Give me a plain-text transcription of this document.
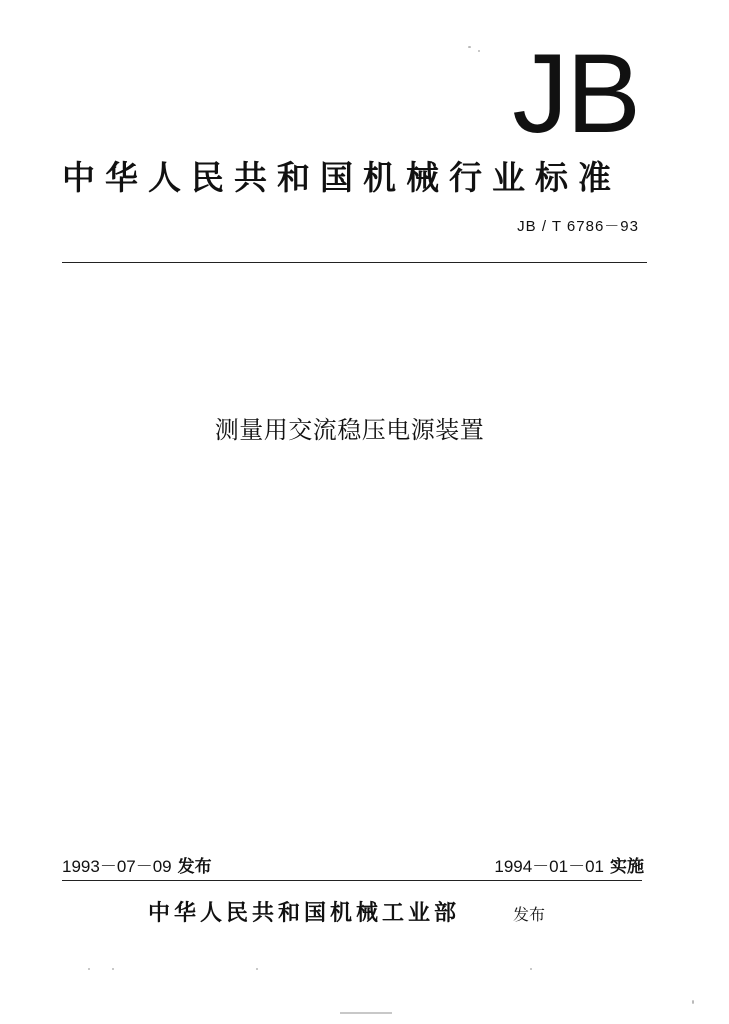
JB
中华人民共和国机械行业标准
JB / T 6786－93
测量用交流稳压电源装置
1993－07－09 发布	1994－01－01 实施
中华人民共和国机械工业部	发布
